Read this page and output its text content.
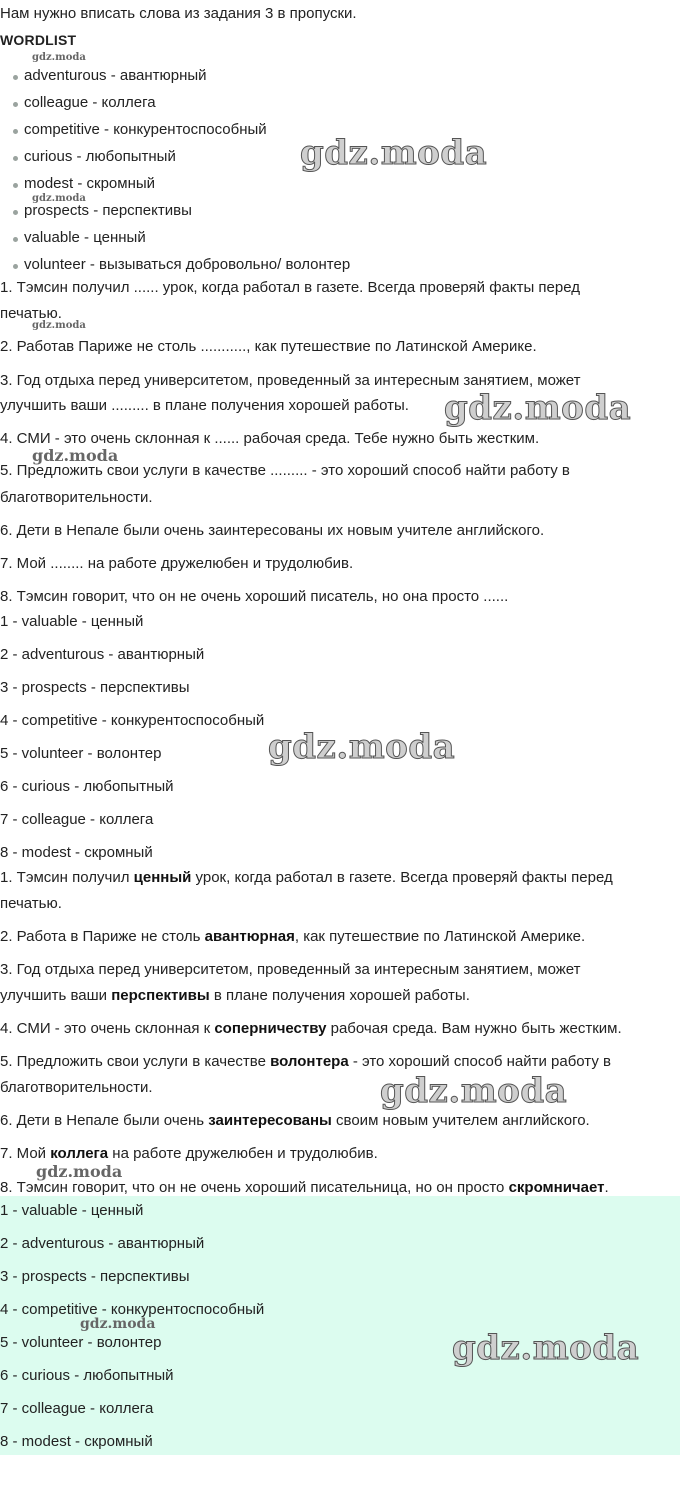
Нам нужно вписать слова из задания 3 в пропуски.
WORDLIST
adventurous - авантюрный
colleague - коллега
competitive - конкурентоспособный
curious - любопытный
modest - скромный
prospects - перспективы
valuable - ценный
volunteer - вызываться добровольно/ волонтер
1. Тэмсин получил ...... урок, когда работал в газете. Всегда проверяй факты перед
печатью.
2. Работав Париже не столь ..........., как путешествие по Латинской Америке.
3. Год отдыха перед университетом, проведенный за интересным занятием, может
улучшить ваши ......... в плане получения хорошей работы.
4. СМИ - это очень склонная к ...... рабочая среда. Тебе нужно быть жестким.
5. Предложить свои услуги в качестве ......... - это хороший способ найти работу в
благотворительности.
6. Дети в Непале были очень заинтересованы их новым учителе английского.
7. Мой ........ на работе дружелюбен и трудолюбив.
8. Тэмсин говорит, что он не очень хороший писатель, но она просто ......
1 - valuable - ценный
2 - adventurous - авантюрный
3 - prospects - перспективы
4 - competitive - конкурентоспособный
5 - volunteer - волонтер
6 - curious - любопытный
7 - colleague - коллега
8 - modest - скромный
1. Тэмсин получил ценный урок, когда работал в газете. Всегда проверяй факты перед
печатью.
2. Работа в Париже не столь авантюрная, как путешествие по Латинской Америке.
3. Год отдыха перед университетом, проведенный за интересным занятием, может
улучшить ваши перспективы в плане получения хорошей работы.
4. СМИ - это очень склонная к соперничеству рабочая среда. Вам нужно быть жестким.
5. Предложить свои услуги в качестве волонтера - это хороший способ найти работу в
благотворительности.
6. Дети в Непале были очень заинтересованы своим новым учителем английского.
7. Мой коллега на работе дружелюбен и трудолюбив.
8. Тэмсин говорит, что он не очень хороший писательница, но он просто скромничает.
1 - valuable - ценный
2 - adventurous - авантюрный
3 - prospects - перспективы
4 - competitive - конкурентоспособный
5 - volunteer - волонтер
6 - curious - любопытный
7 - colleague - коллега
8 - modest - скромный
gdz.moda
gdz.moda
gdz.moda
gdz.moda
gdz.moda
gdz.moda
gdz.moda
gdz.moda
gdz.moda
gdz.moda
gdz.moda
